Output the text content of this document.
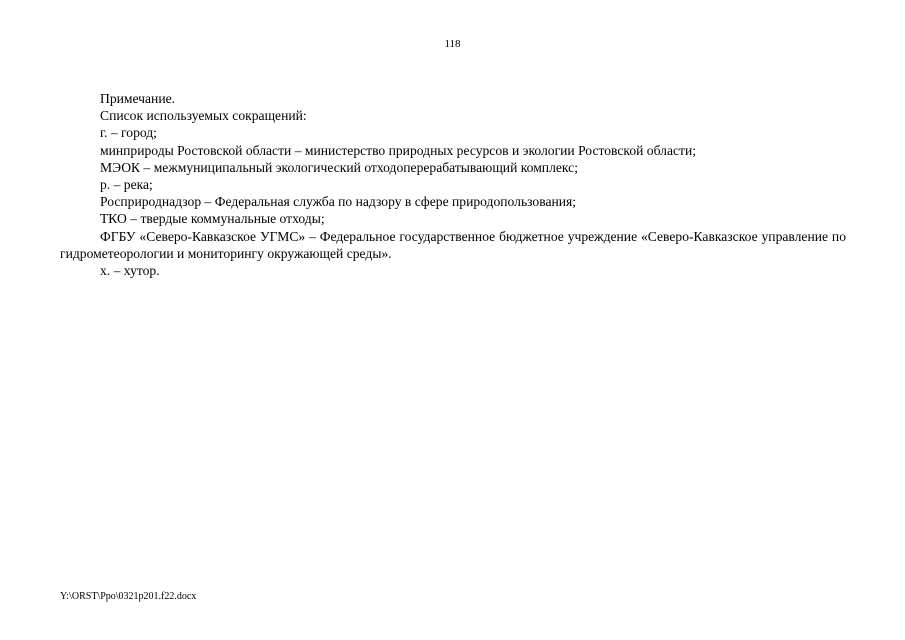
118

Примечание.

Список используемых сокращений:

г. – город;

минприроды Ростовской области – министерство природных ресурсов и экологии Ростовской области;

МЭОК – межмуниципальный экологический отходоперерабатывающий комплекс;

р. – река;

Росприроднадзор – Федеральная служба по надзору в сфере природопользования;

ТКО – твердые коммунальные отходы;

ФГБУ «Северо-Кавказское УГМС» – Федеральное государственное бюджетное учреждение «Северо-Кавказское управление по гидрометеорологии и мониторингу окружающей среды».

х. – хутор.

Y:\ORST\Ppo\0321p201.f22.docx
